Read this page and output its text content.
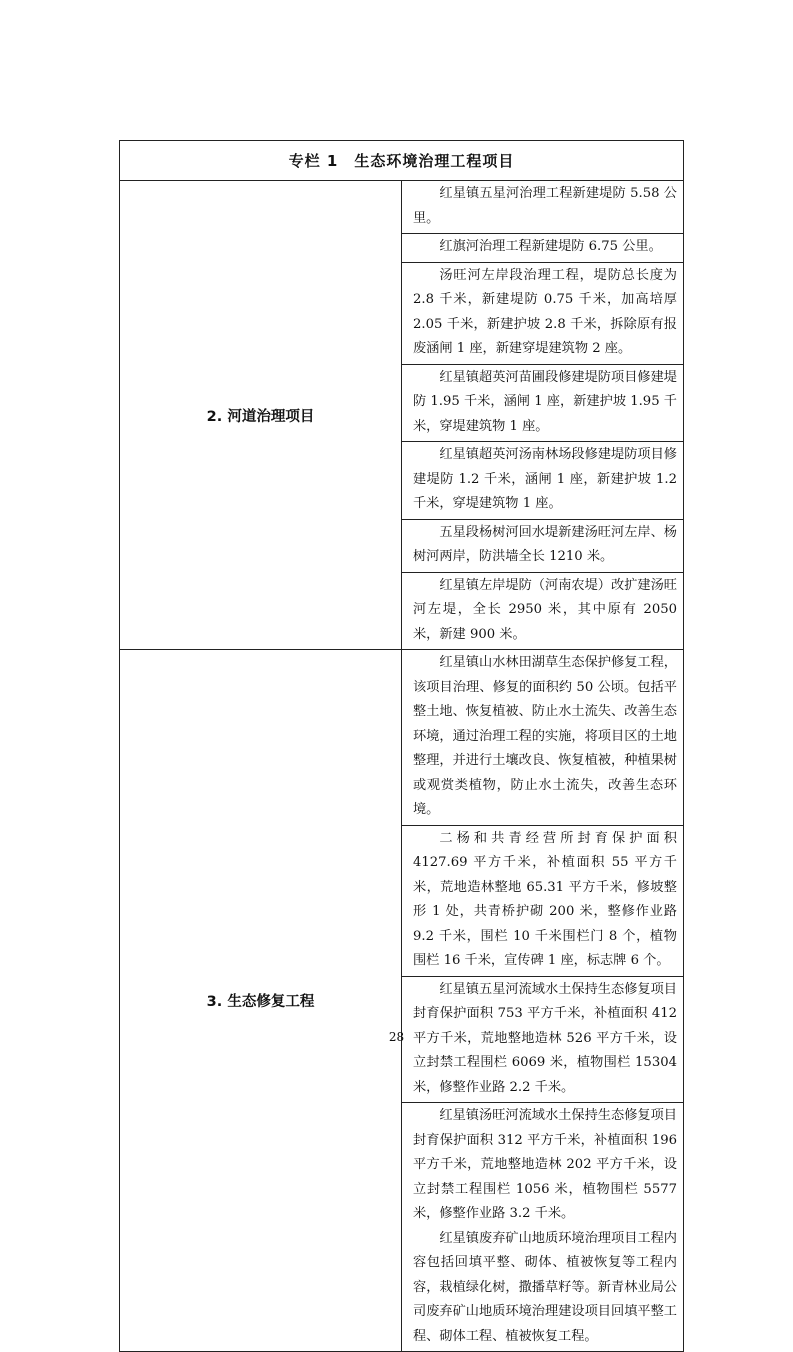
专栏 1　生态环境治理工程项目	
2. 河道治理项目	红星镇五星河治理工程新建堤防 5.58 公里。

	红旗河治理工程新建堤防 6.75 公里。

	汤旺河左岸段治理工程，堤防总长度为 2.8 千米，新建堤防 0.75 千米，加高培厚 2.05 千米，新建护坡 2.8 千米，拆除原有报废涵闸 1 座，新建穿堤建筑物 2 座。

	红星镇超英河苗圃段修建堤防项目修建堤防 1.95 千米，涵闸 1 座，新建护坡 1.95 千米，穿堤建筑物 1 座。

	红星镇超英河汤南林场段修建堤防项目修建堤防 1.2 千米，涵闸 1 座，新建护坡 1.2 千米，穿堤建筑物 1 座。

	五星段杨树河回水堤新建汤旺河左岸、杨树河两岸，防洪墙全长 1210 米。

	红星镇左岸堤防（河南农堤）改扩建汤旺河左堤，全长 2950 米，其中原有 2050 米，新建 900 米。

3. 生态修复工程	红星镇山水林田湖草生态保护修复工程，该项目治理、修复的面积约 50 公顷。包括平整土地、恢复植被、防止水土流失、改善生态环境，通过治理工程的实施，将项目区的土地整理，并进行土壤改良、恢复植被，种植果树或观赏类植物，防止水土流失，改善生态环境。

	二杨和共青经营所封育保护面积 4127.69 平方千米，补植面积 55 平方千米，荒地造林整地 65.31 平方千米，修坡整形 1 处，共青桥护砌 200 米，整修作业路 9.2 千米，围栏 10 千米围栏门 8 个，植物围栏 16 千米，宣传碑 1 座，标志牌 6 个。

	红星镇五星河流域水土保持生态修复项目封育保护面积 753 平方千米，补植面积 412 平方千米，荒地整地造林 526 平方千米，设立封禁工程围栏 6069 米，植物围栏 15304 米，修整作业路 2.2 千米。

	红星镇汤旺河流域水土保持生态修复项目封育保护面积 312 平方千米，补植面积 196 平方千米，荒地整地造林 202 平方千米，设立封禁工程围栏 1056 米，植物围栏 5577 米，修整作业路 3.2 千米。

红星镇废弃矿山地质环境治理项目工程内容包括回填平整、砌体、植被恢复等工程内容，栽植绿化树，撒播草籽等。新青林业局公司废弃矿山地质环境治理建设项目回填平整工程、砌体工程、植被恢复工程。

28
